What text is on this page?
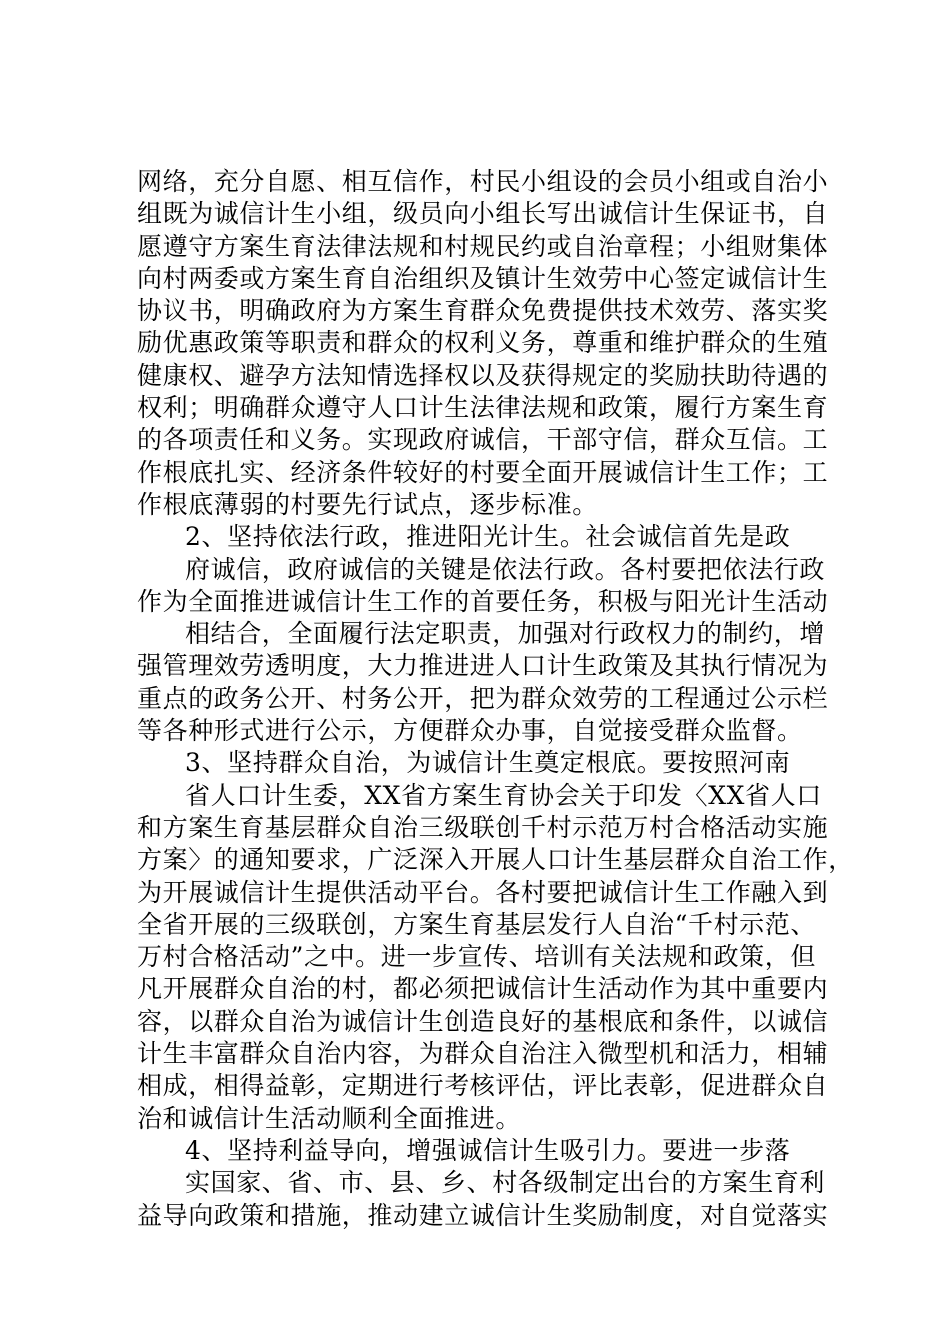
网络，充分自愿、相互信作，村民小组设的会员小组或自治小
组既为诚信计生小组，级员向小组长写出诚信计生保证书，自
愿遵守方案生育法律法规和村规民约或自治章程；小组财集体
向村两委或方案生育自治组织及镇计生效劳中心签定诚信计生
协议书，明确政府为方案生育群众免费提供技术效劳、落实奖
励优惠政策等职责和群众的权利义务，尊重和维护群众的生殖
健康权、避孕方法知情选择权以及获得规定的奖励扶助待遇的
权利；明确群众遵守人口计生法律法规和政策，履行方案生育
的各项责任和义务。实现政府诚信，干部守信，群众互信。工
作根底扎实、经济条件较好的村要全面开展诚信计生工作；工
作根底薄弱的村要先行试点，逐步标准。
2、坚持依法行政，推进阳光计生。社会诚信首先是政
府诚信，政府诚信的关键是依法行政。各村要把依法行政
作为全面推进诚信计生工作的首要任务，积极与阳光计生活动
相结合，全面履行法定职责，加强对行政权力的制约，增
强管理效劳透明度，大力推进进人口计生政策及其执行情况为
重点的政务公开、村务公开，把为群众效劳的工程通过公示栏
等各种形式进行公示，方便群众办事，自觉接受群众监督。
3、坚持群众自治，为诚信计生奠定根底。要按照河南
省人口计生委，XX省方案生育协会关于印发〈XX省人口
和方案生育基层群众自治三级联创千村示范万村合格活动实施
方案〉的通知要求，广泛深入开展人口计生基层群众自治工作，
为开展诚信计生提供活动平台。各村要把诚信计生工作融入到
全省开展的三级联创，方案生育基层发行人自治“千村示范、
万村合格活动”之中。进一步宣传、培训有关法规和政策，但
凡开展群众自治的村，都必须把诚信计生活动作为其中重要内
容，以群众自治为诚信计生创造良好的基根底和条件，以诚信
计生丰富群众自治内容，为群众自治注入微型机和活力，相辅
相成，相得益彰，定期进行考核评估，评比表彰，促进群众自
治和诚信计生活动顺利全面推进。
4、坚持利益导向，增强诚信计生吸引力。要进一步落
实国家、省、市、县、乡、村各级制定出台的方案生育利
益导向政策和措施，推动建立诚信计生奖励制度，对自觉落实
